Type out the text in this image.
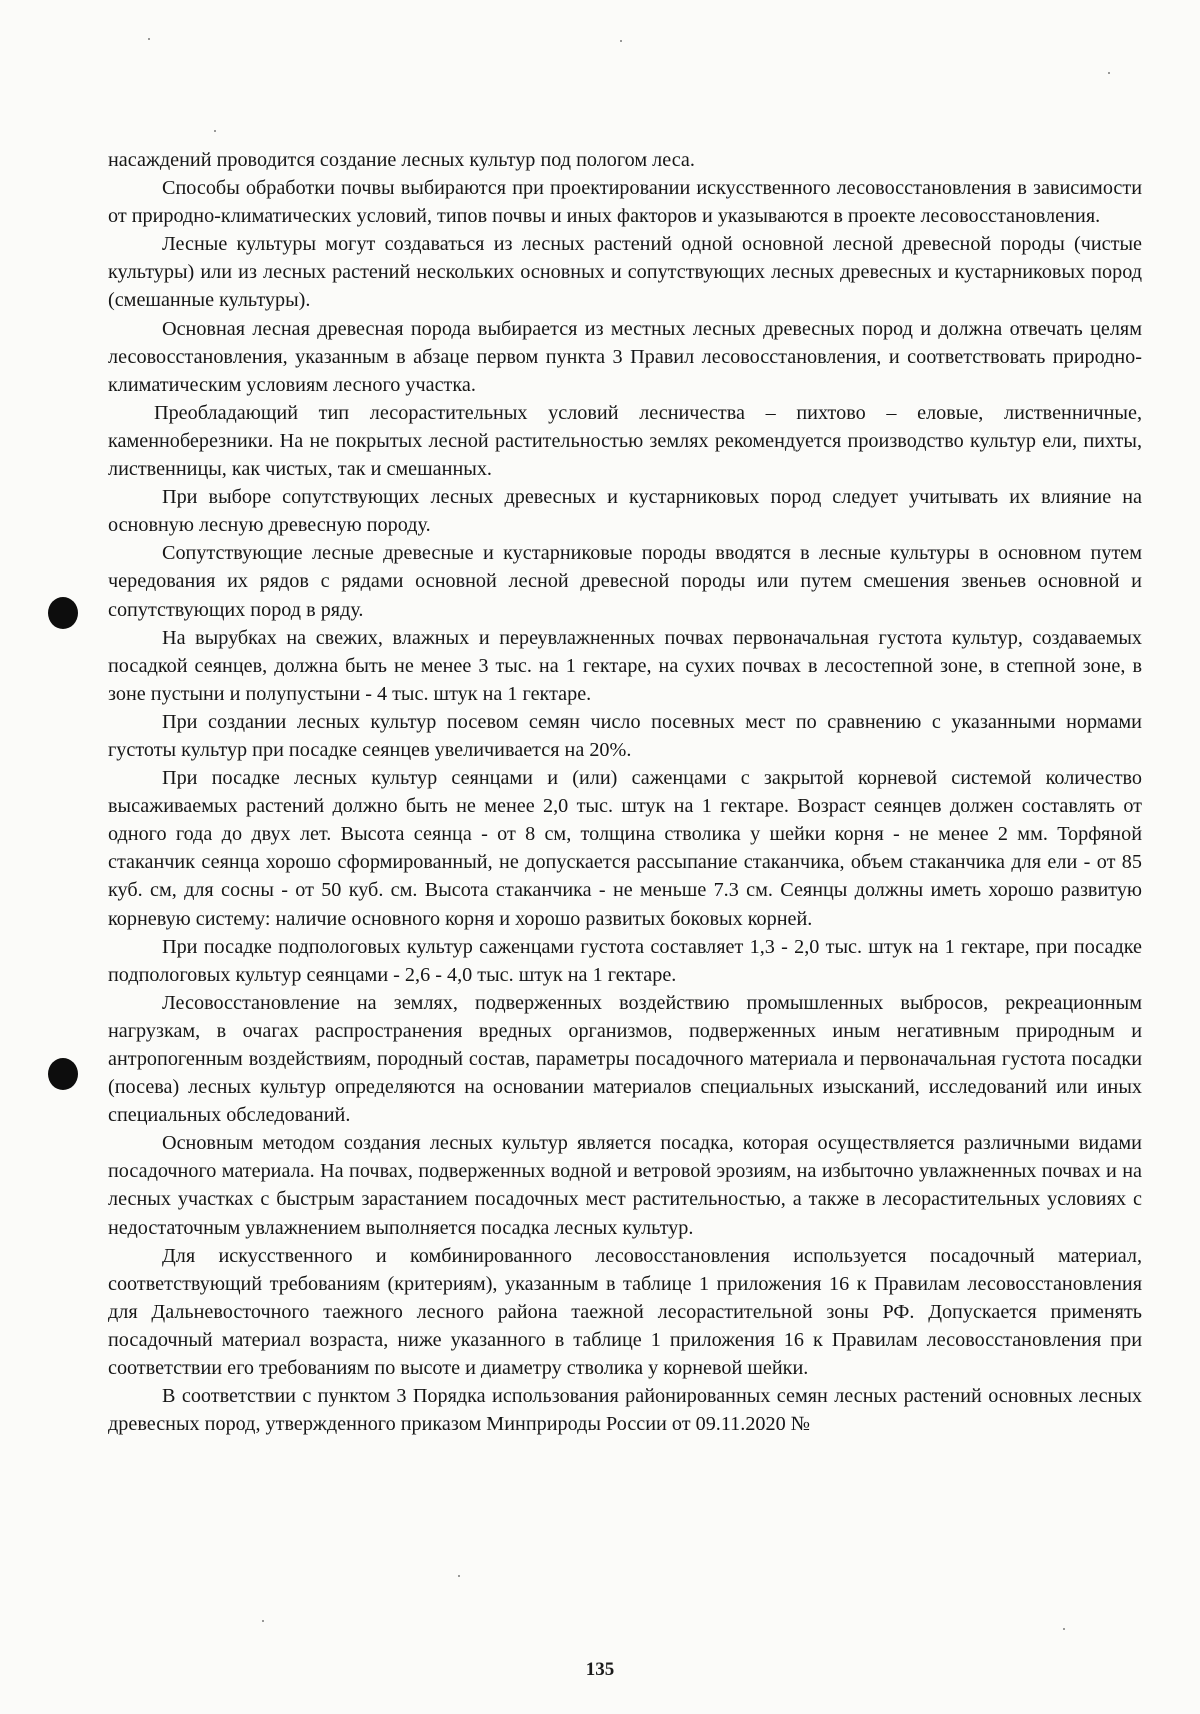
насаждений проводится создание лесных культур под пологом леса.

Способы обработки почвы выбираются при проектировании искусственного лесовосстановления в зависимости от природно-климатических условий, типов почвы и иных факторов и указываются в проекте лесовосстановления.

Лесные культуры могут создаваться из лесных растений одной основной лесной древесной породы (чистые культуры) или из лесных растений нескольких основных и сопутствующих лесных древесных и кустарниковых пород (смешанные культуры).

Основная лесная древесная порода выбирается из местных лесных древесных пород и должна отвечать целям лесовосстановления, указанным в абзаце первом пункта 3 Правил лесовосстановления, и соответствовать природно-климатическим условиям лесного участка.

Преобладающий тип лесорастительных условий лесничества – пихтово – еловые, лиственничные, каменноберезники. На не покрытых лесной растительностью землях рекомендуется производство культур ели, пихты, лиственницы, как чистых, так и смешанных.

При выборе сопутствующих лесных древесных и кустарниковых пород следует учитывать их влияние на основную лесную древесную породу.

Сопутствующие лесные древесные и кустарниковые породы вводятся в лесные культуры в основном путем чередования их рядов с рядами основной лесной древесной породы или путем смешения звеньев основной и сопутствующих пород в ряду.

На вырубках на свежих, влажных и переувлажненных почвах первоначальная густота культур, создаваемых посадкой сеянцев, должна быть не менее 3 тыс. на 1 гектаре, на сухих почвах в лесостепной зоне, в степной зоне, в зоне пустыни и полупустыни - 4 тыс. штук на 1 гектаре.

При создании лесных культур посевом семян число посевных мест по сравнению с указанными нормами густоты культур при посадке сеянцев увеличивается на 20%.

При посадке лесных культур сеянцами и (или) саженцами с закрытой корневой системой количество высаживаемых растений должно быть не менее 2,0 тыс. штук на 1 гектаре. Возраст сеянцев должен составлять от одного года до двух лет. Высота сеянца - от 8 см, толщина стволика у шейки корня - не менее 2 мм. Торфяной стаканчик сеянца хорошо сформированный, не допускается рассыпание стаканчика, объем стаканчика для ели - от 85 куб. см, для сосны - от 50 куб. см. Высота стаканчика - не меньше 7.3 см. Сеянцы должны иметь хорошо развитую корневую систему: наличие основного корня и хорошо развитых боковых корней.

При посадке подпологовых культур саженцами густота составляет 1,3 - 2,0 тыс. штук на 1 гектаре, при посадке подпологовых культур сеянцами - 2,6 - 4,0 тыс. штук на 1 гектаре.

Лесовосстановление на землях, подверженных воздействию промышленных выбросов, рекреационным нагрузкам, в очагах распространения вредных организмов, подверженных иным негативным природным и антропогенным воздействиям, породный состав, параметры посадочного материала и первоначальная густота посадки (посева) лесных культур определяются на основании материалов специальных изысканий, исследований или иных специальных обследований.

Основным методом создания лесных культур является посадка, которая осуществляется различными видами посадочного материала. На почвах, подверженных водной и ветровой эрозиям, на избыточно увлажненных почвах и на лесных участках с быстрым зарастанием посадочных мест растительностью, а также в лесорастительных условиях с недостаточным увлажнением выполняется посадка лесных культур.

Для искусственного и комбинированного лесовосстановления используется посадочный материал, соответствующий требованиям (критериям), указанным в таблице 1 приложения 16 к Правилам лесовосстановления для Дальневосточного таежного лесного района таежной лесорастительной зоны РФ. Допускается применять посадочный материал возраста, ниже указанного в таблице 1 приложения 16 к Правилам лесовосстановления при соответствии его требованиям по высоте и диаметру стволика у корневой шейки.

В соответствии с пунктом 3 Порядка использования районированных семян лесных растений основных лесных древесных пород, утвержденного приказом Минприроды России от 09.11.2020 №

135
